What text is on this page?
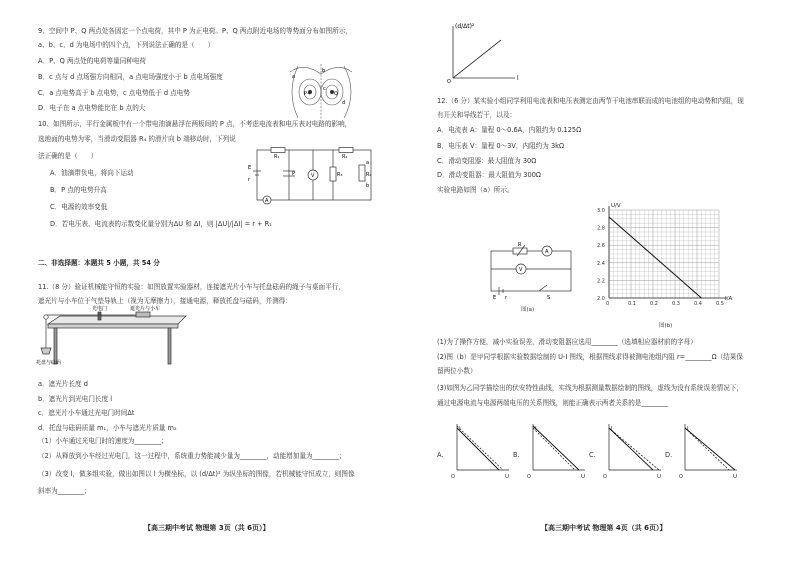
9、空间中 P、Q 两点处各固定一个点电荷，其中 P 为正电荷。P、Q 两点附近电场的等势面分布如图所示，
a、b、c、d 为电场中的四个点，下列说法正确的是（　　）
A．P、Q 两点处的电荷等量同种电荷
B．c 点与 d 点场强方向相同，a 点电场强度小于 b 点电场强度
C．a 点电势高于 b 点电势，c 点电势低于 d 点电势
D．电子在 a 点电势能比在 b 点的大
P+	Q
a
b
c
d
10、如图所示，平行金属板中有一个带电油滴悬浮在两板间的 P 点，不考虑电流表和电压表对电路的影响，
选地面的电势为零，当滑动变阻器 R₄ 的滑片向 b 端移动时，下列说
法正确的是（　　）
A．油滴带负电，将向下运动
B．P 点的电势升高
C．电源的效率变低
D．若电压表、电流表的示数变化量分别为ΔU 和 ΔI，则 |ΔU|/|ΔI| = r + R₁
R₁	R₂
R₃	R₄
E
r
a
b
P	V
A
二、非选择题：本题共 5 小题，共 54 分
11.（8 分）验证机械能守恒的实验：如图放置实验器材，连接遮光片小车与托盘砝码的绳子与桌面平行，
遮光片与小车位于气垫导轨上（视为无摩擦力），接通电源，释放托盘与砝码，并测得：
光电门	遮光片与小车
托盘与砝码
a．遮光片长度 d
b．遮光片到光电门长度 l
c．遮光片小车通过光电门时间Δt
d．托盘与砝码质量 m₁，小车与遮光片质量 m₂
（1）小车通过光电门时的速度为________；
（2）从释放到小车经过光电门，这一过程中，系统重力势能减少量为________，动能增加量为________；
（3）改变 l，做多组实验，做出如图以 l 为横坐标，以 (d/Δt)² 为纵坐标的图像，若机械能守恒成立，则图像
斜率为________；
【高三期中考试 物理第 3页（共 6页）】
(d/Δt)²
l
O
12.（6 分）某实验小组同学利用电流表和电压表测定由两节干电池串联而成的电池组的电动势和内阻，现
有开关和导线若干，以及：
A．电流表 A：量程 0～0.6A，内阻约为 0.125Ω
B．电压表 V：量程 0～3V，内阻约为 3kΩ
C．滑动变阻器：最大阻值为 30Ω
D．滑动变阻器：最大阻值为 300Ω
实验电路如图（a）所示。
R
A
V
E r	S
图(a)
0	0.1	0.2	0.3	0.4	0.5
2.0
2.2
2.4
2.6
2.8
3.0
I/A
U/V
图(b)
(1)为了操作方便，减小实验误差，滑动变阻器应选用________（选填相应器材前的字母）
(2)图（b）是甲同学根据实验数据绘制的 U-I 图线，根据图线求得被测电池组内阻 r=________Ω（结果保
留两位小数）
(3)如图为乙同学描绘出的伏安特性曲线，实线为根据测量数据绘制的图线，虚线为没有系统误差情况下，
通过电源电流与电源两端电压的关系图线，则能正确表示两者关系的是________
A.
I
U
O
B.
I
U
O
C.
I
U
O
D.
I
U
O
【高三期中考试 物理第 4页（共 6页）】
